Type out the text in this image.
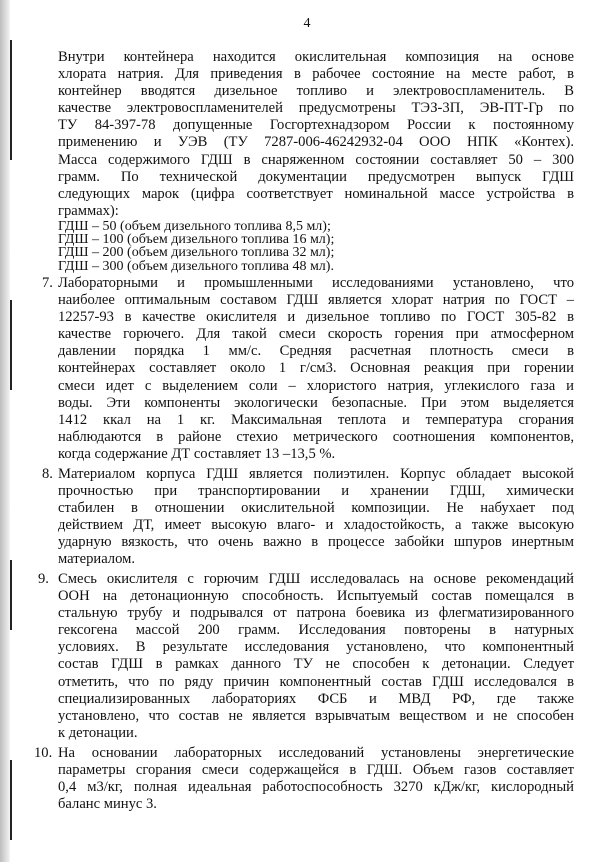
4
Внутри контейнера находится окислительная композиция на основе
хлората натрия. Для приведения в рабочее состояние на месте работ, в
контейнер вводятся дизельное топливо и электровоспламенитель. В
качестве электровоспламенителей предусмотрены ТЭЗ-3П, ЭВ-ПТ-Гр по
ТУ 84-397-78 допущенные Госгортехнадзором России к постоянному
применению и УЭВ (ТУ 7287-006-46242932-04 ООО НПК «Контех).
Масса содержимого ГДШ в снаряженном состоянии составляет 50 – 300
грамм. По технической документации предусмотрен выпуск ГДШ
следующих марок (цифра соответствует номинальной массе устройства в
граммах):
ГДШ – 50 (объем дизельного топлива 8,5 мл);
ГДШ – 100 (объем дизельного топлива 16 мл);
ГДШ – 200 (объем дизельного топлива 32 мл);
ГДШ – 300 (объем дизельного топлива 48 мл).
7. Лабораторными и промышленными исследованиями установлено, что
наиболее оптимальным составом ГДШ является хлорат натрия по ГОСТ –
12257-93 в качестве окислителя и дизельное топливо по ГОСТ 305-82 в
качестве горючего. Для такой смеси скорость горения при атмосферном
давлении порядка 1 мм/с. Средняя расчетная плотность смеси в
контейнерах составляет около 1 г/см3. Основная реакция при горении
смеси идет с выделением соли – хлористого натрия, углекислого газа и
воды. Эти компоненты экологически безопасные. При этом выделяется
1412 ккал на 1 кг. Максимальная теплота и температура сгорания
наблюдаются в районе стехио метрического соотношения компонентов,
когда содержание ДТ составляет 13 –13,5 %.
8. Материалом корпуса ГДШ является полиэтилен. Корпус обладает высокой
прочностью при транспортировании и хранении ГДШ, химически
стабилен в отношении окислительной композиции. Не набухает под
действием ДТ, имеет высокую влаго- и хладостойкость, а также высокую
ударную вязкость, что очень важно в процессе забойки шпуров инертным
материалом.
9. Смесь окислителя с горючим ГДШ исследовалась на основе рекомендаций
ООН на детонационную способность. Испытуемый состав помещался в
стальную трубу и подрывался от патрона боевика из флегматизированного
гексогена массой 200 грамм. Исследования повторены в натурных
условиях. В результате исследования установлено, что компонентный
состав ГДШ в рамках данного ТУ не способен к детонации. Следует
отметить, что по ряду причин компонентный состав ГДШ исследовался в
специализированных лабораториях ФСБ и МВД РФ, где также
установлено, что состав не является взрывчатым веществом и не способен
к детонации.
10. На основании лабораторных исследований установлены энергетические
параметры сгорания смеси содержащейся в ГДШ. Объем газов составляет
0,4 м3/кг, полная идеальная работоспособность 3270 кДж/кг, кислородный
баланс минус 3.
